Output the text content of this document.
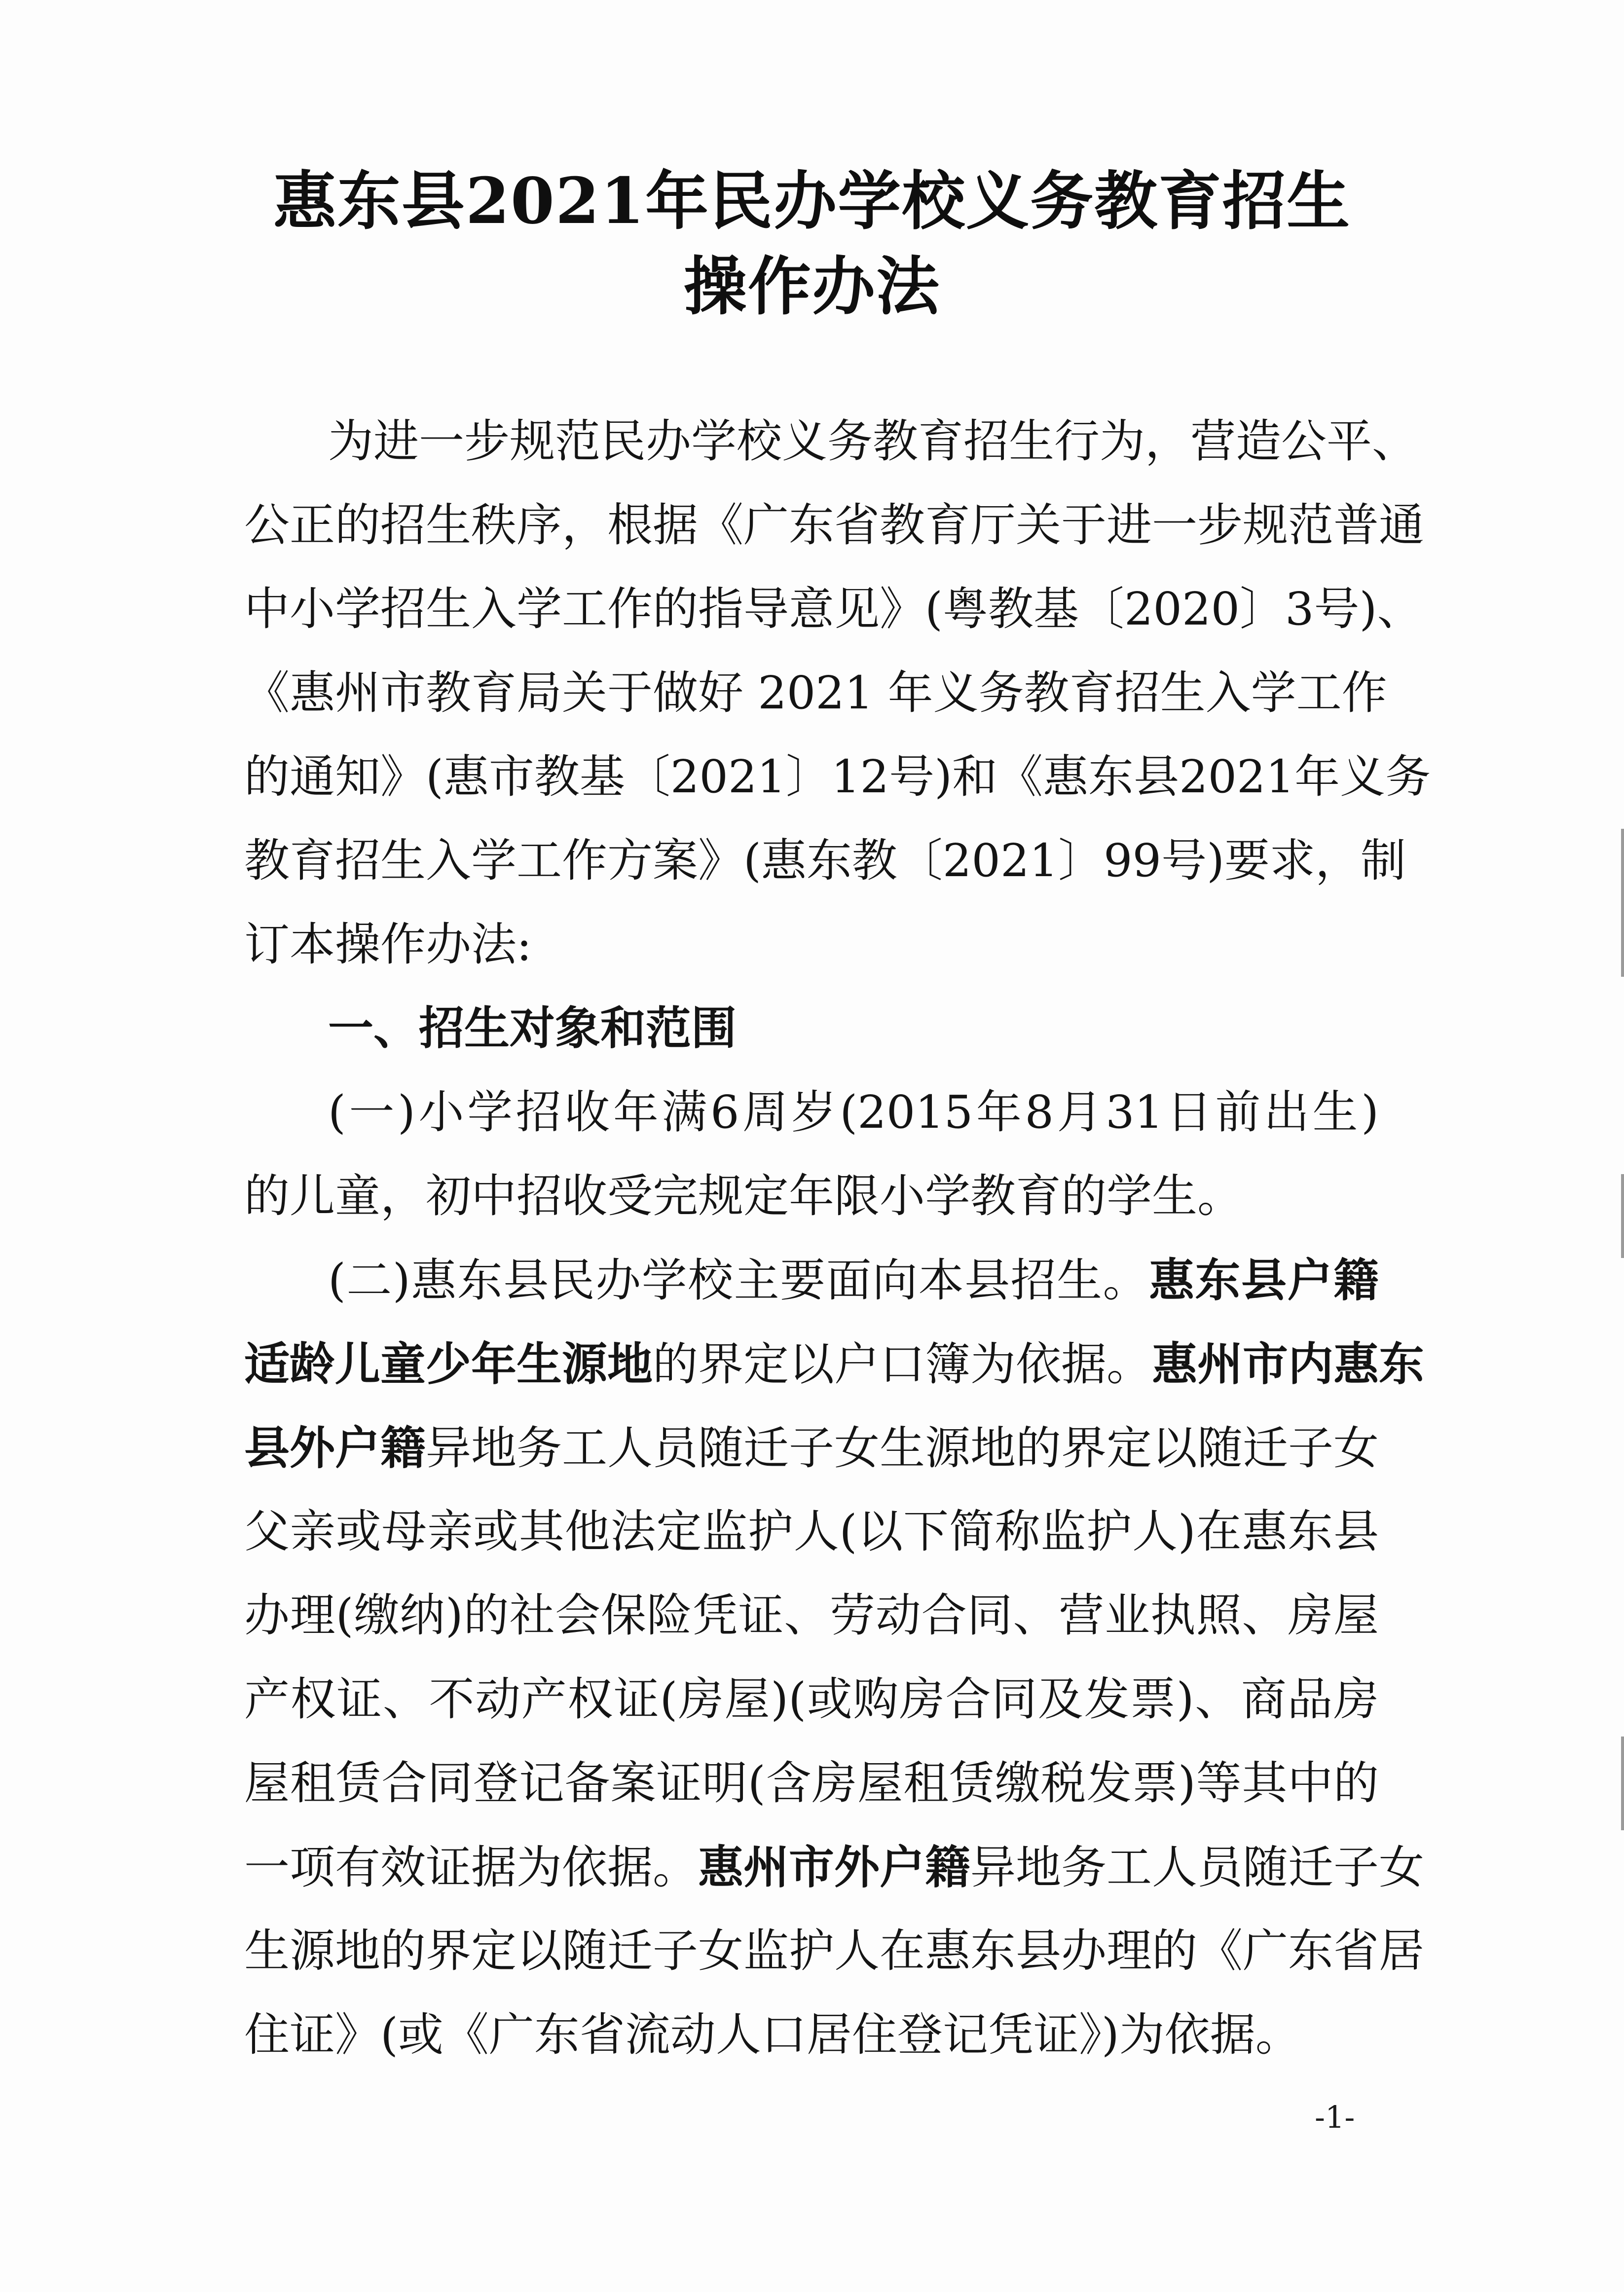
惠东县2021年民办学校义务教育招生
操作办法
为进一步规范民办学校义务教育招生行为，营造公平、
公正的招生秩序，根据《广东省教育厅关于进一步规范普通
中小学招生入学工作的指导意见》(粤教基〔2020〕3号)、
《惠州市教育局关于做好 2021 年义务教育招生入学工作
的通知》(惠市教基〔2021〕12号)和《惠东县2021年义务
教育招生入学工作方案》(惠东教〔2021〕99号)要求，制
订本操作办法:
一、招生对象和范围
(一)小学招收年满6周岁(2015年8月31日前出生)
的儿童，初中招收受完规定年限小学教育的学生。
(二)惠东县民办学校主要面向本县招生。惠东县户籍
适龄儿童少年生源地的界定以户口簿为依据。惠州市内惠东
县外户籍异地务工人员随迁子女生源地的界定以随迁子女
父亲或母亲或其他法定监护人(以下简称监护人)在惠东县
办理(缴纳)的社会保险凭证、劳动合同、营业执照、房屋
产权证、不动产权证(房屋)(或购房合同及发票)、商品房
屋租赁合同登记备案证明(含房屋租赁缴税发票)等其中的
一项有效证据为依据。惠州市外户籍异地务工人员随迁子女
生源地的界定以随迁子女监护人在惠东县办理的《广东省居
住证》(或《广东省流动人口居住登记凭证》)为依据。
-1-
